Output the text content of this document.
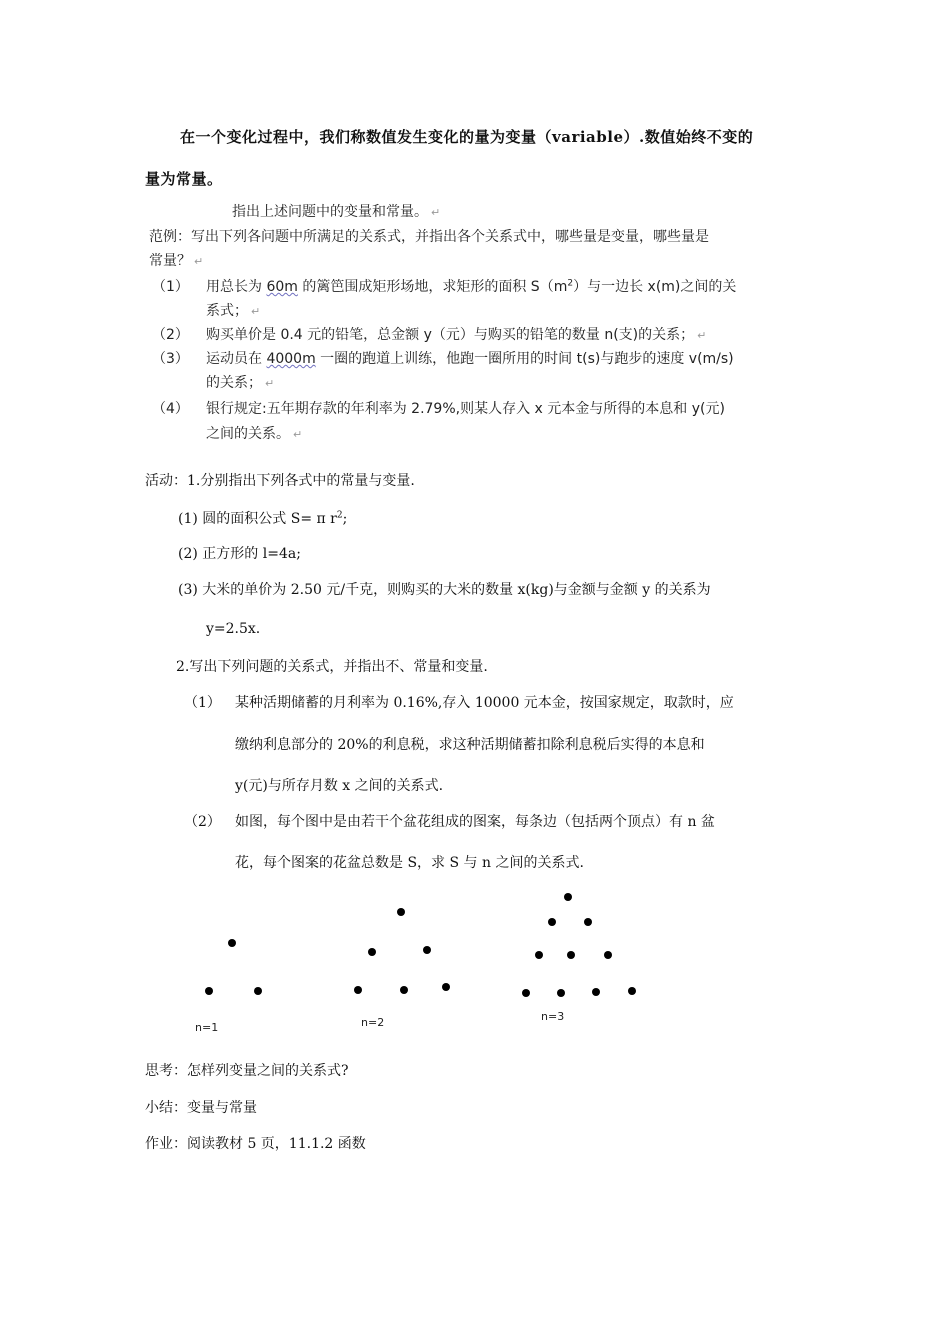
在一个变化过程中，我们称数值发生变化的量为变量（variable）.数值始终不变的
量为常量。
指出上述问题中的变量和常量。 ↵
范例：写出下列各问题中所满足的关系式，并指出各个关系式中，哪些量是变量，哪些量是
常量？ ↵
（1） 用总长为 60m 的篱笆围成矩形场地，求矩形的面积 $S(m^2)$与一边长 x(m)之间的关
系式； ↵
（2） 购买单价是 0.4 元的铅笔，总金额 y（元）与购买的铅笔的数量 n(支)的关系； ↵
（3） 运动员在 4000m 一圈的跑道上训练，他跑一圈所用的时间 t(s)与跑步的速度 v(m/s)
的关系； ↵
（4） 银行规定:五年期存款的年利率为 2.79%,则某人存入 x 元本金与所得的本息和 y(元)
之间的关系。 ↵
活动：1.分别指出下列各式中的常量与变量.
(1) 圆的面积公式 S= π $r^2$;
(2) 正方形的 l=4a;
(3) 大米的单价为 2.50 元/千克，则购买的大米的数量 x(kg)与金额与金额 y 的关系为
y=2.5x.
2.写出下列问题的关系式，并指出不、常量和变量.
（1） 某种活期储蓄的月利率为 0.16%,存入 10000 元本金，按国家规定，取款时，应
缴纳利息部分的 20%的利息税，求这种活期储蓄扣除利息税后实得的本息和
y(元)与所存月数 x 之间的关系式.
（2） 如图，每个图中是由若干个盆花组成的图案，每条边（包括两个顶点）有 n 盆
花，每个图案的花盆总数是 S，求 S 与 n 之间的关系式.
n=1	n=2	n=3
思考：怎样列变量之间的关系式?
小结：变量与常量
作业：阅读教材 5 页，11.1.2 函数
